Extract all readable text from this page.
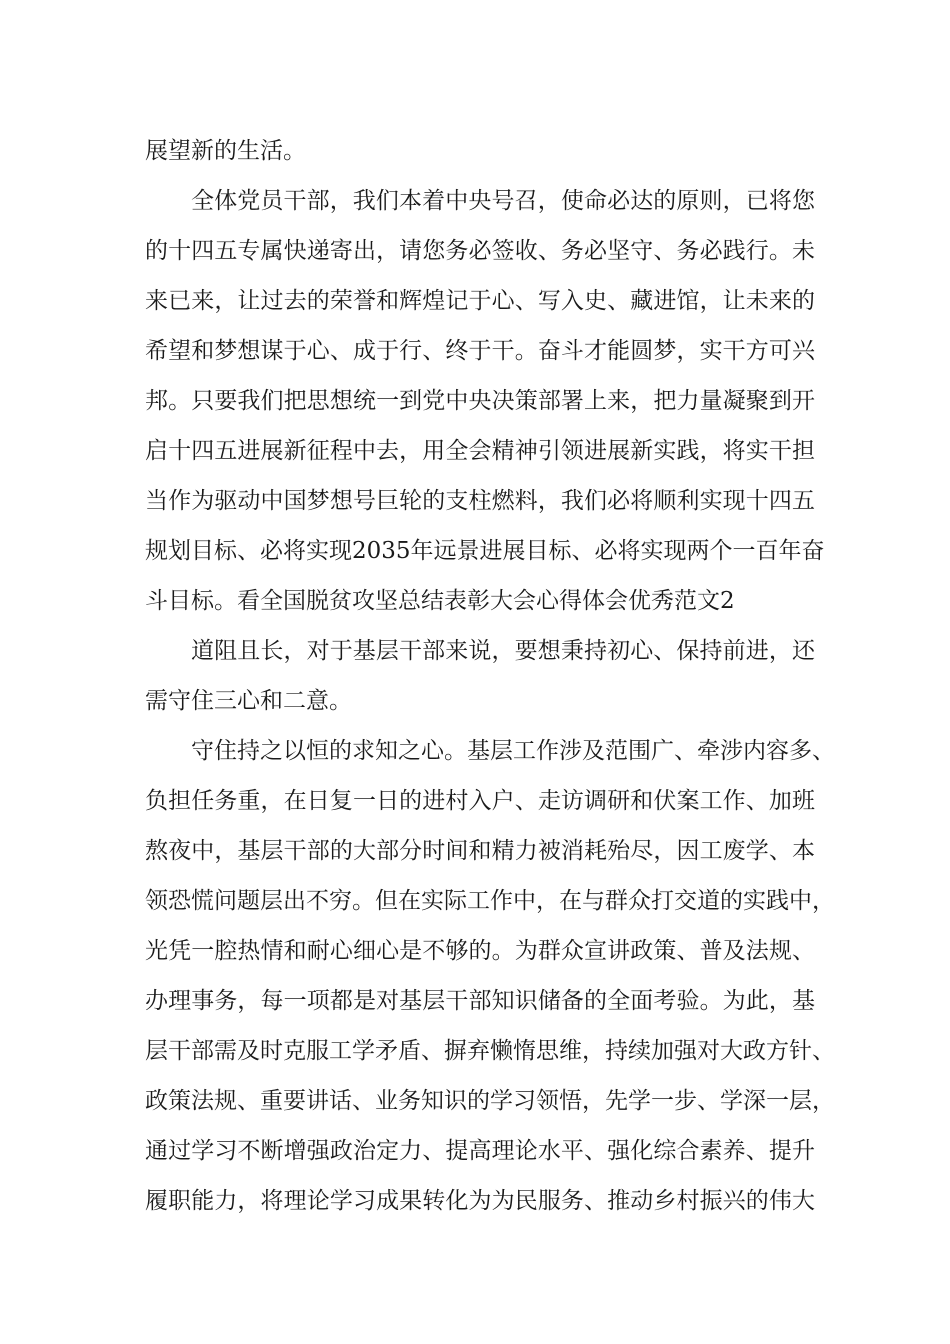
展望新的生活。
全体党员干部，我们本着中央号召，使命必达的原则，已将您
的十四五专属快递寄出，请您务必签收、务必坚守、务必践行。未
来已来，让过去的荣誉和辉煌记于心、写入史、藏进馆，让未来的
希望和梦想谋于心、成于行、终于干。奋斗才能圆梦，实干方可兴
邦。只要我们把思想统一到党中央决策部署上来，把力量凝聚到开
启十四五进展新征程中去，用全会精神引领进展新实践，将实干担
当作为驱动中国梦想号巨轮的支柱燃料，我们必将顺利实现十四五
规划目标、必将实现2035年远景进展目标、必将实现两个一百年奋
斗目标。看全国脱贫攻坚总结表彰大会心得体会优秀范文2
道阻且长，对于基层干部来说，要想秉持初心、保持前进，还
需守住三心和二意。
守住持之以恒的求知之心。基层工作涉及范围广、牵涉内容多、
负担任务重，在日复一日的进村入户、走访调研和伏案工作、加班
熬夜中，基层干部的大部分时间和精力被消耗殆尽，因工废学、本
领恐慌问题层出不穷。但在实际工作中，在与群众打交道的实践中，
光凭一腔热情和耐心细心是不够的。为群众宣讲政策、普及法规、
办理事务，每一项都是对基层干部知识储备的全面考验。为此，基
层干部需及时克服工学矛盾、摒弃懒惰思维，持续加强对大政方针、
政策法规、重要讲话、业务知识的学习领悟，先学一步、学深一层，
通过学习不断增强政治定力、提高理论水平、强化综合素养、提升
履职能力，将理论学习成果转化为为民服务、推动乡村振兴的伟大
